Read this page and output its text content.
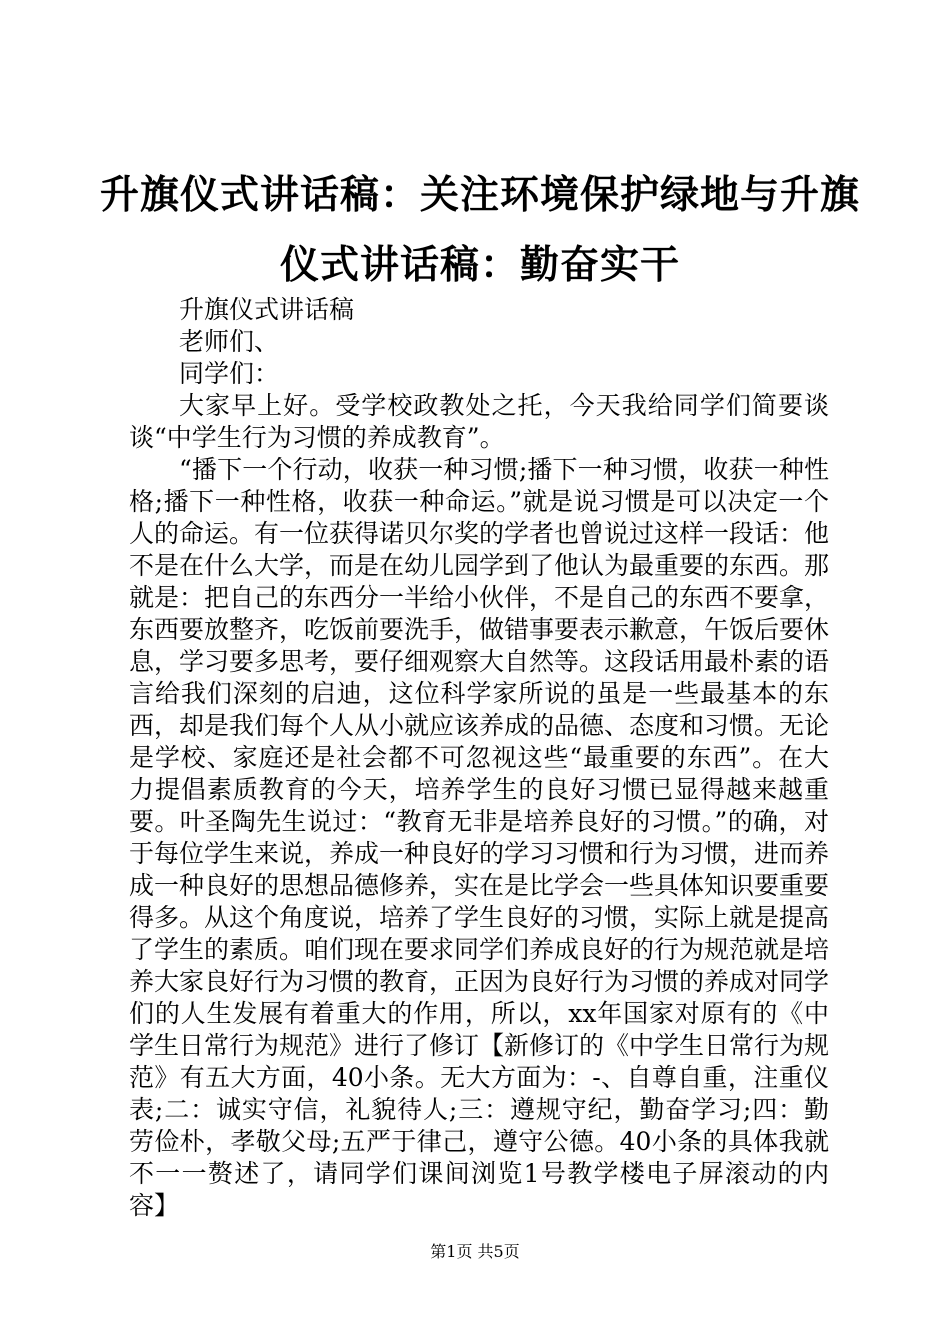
升旗仪式讲话稿：关注环境保护绿地与升旗仪式讲话稿：勤奋实干

升旗仪式讲话稿

老师们、

同学们：

大家早上好。受学校政教处之托，今天我给同学们简要谈谈“中学生行为习惯的养成教育”。

“播下一个行动，收获一种习惯;播下一种习惯，收获一种性格;播下一种性格，收获一种命运。”就是说习惯是可以决定一个人的命运。有一位获得诺贝尔奖的学者也曾说过这样一段话：他不是在什么大学，而是在幼儿园学到了他认为最重要的东西。那就是：把自己的东西分一半给小伙伴，不是自己的东西不要拿，东西要放整齐，吃饭前要洗手，做错事要表示歉意，午饭后要休息，学习要多思考，要仔细观察大自然等。这段话用最朴素的语言给我们深刻的启迪，这位科学家所说的虽是一些最基本的东西，却是我们每个人从小就应该养成的品德、态度和习惯。无论是学校、家庭还是社会都不可忽视这些“最重要的东西”。在大力提倡素质教育的今天，培养学生的良好习惯已显得越来越重要。叶圣陶先生说过：“教育无非是培养良好的习惯。”的确，对于每位学生来说，养成一种良好的学习习惯和行为习惯，进而养成一种良好的思想品德修养，实在是比学会一些具体知识要重要得多。从这个角度说，培养了学生良好的习惯，实际上就是提高了学生的素质。咱们现在要求同学们养成良好的行为规范就是培养大家良好行为习惯的教育，正因为良好行为习惯的养成对同学们的人生发展有着重大的作用，所以，xx年国家对原有的《中学生日常行为规范》进行了修订【新修订的《中学生日常行为规范》有五大方面，40小条。无大方面为：-、自尊自重，注重仪表;二：诚实守信，礼貌待人;三：遵规守纪，勤奋学习;四：勤劳俭朴，孝敬父母;五严于律己，遵守公德。40小条的具体我就不一一赘述了，请同学们课间浏览1号教学楼电子屏滚动的内容】

第1页 共5页
